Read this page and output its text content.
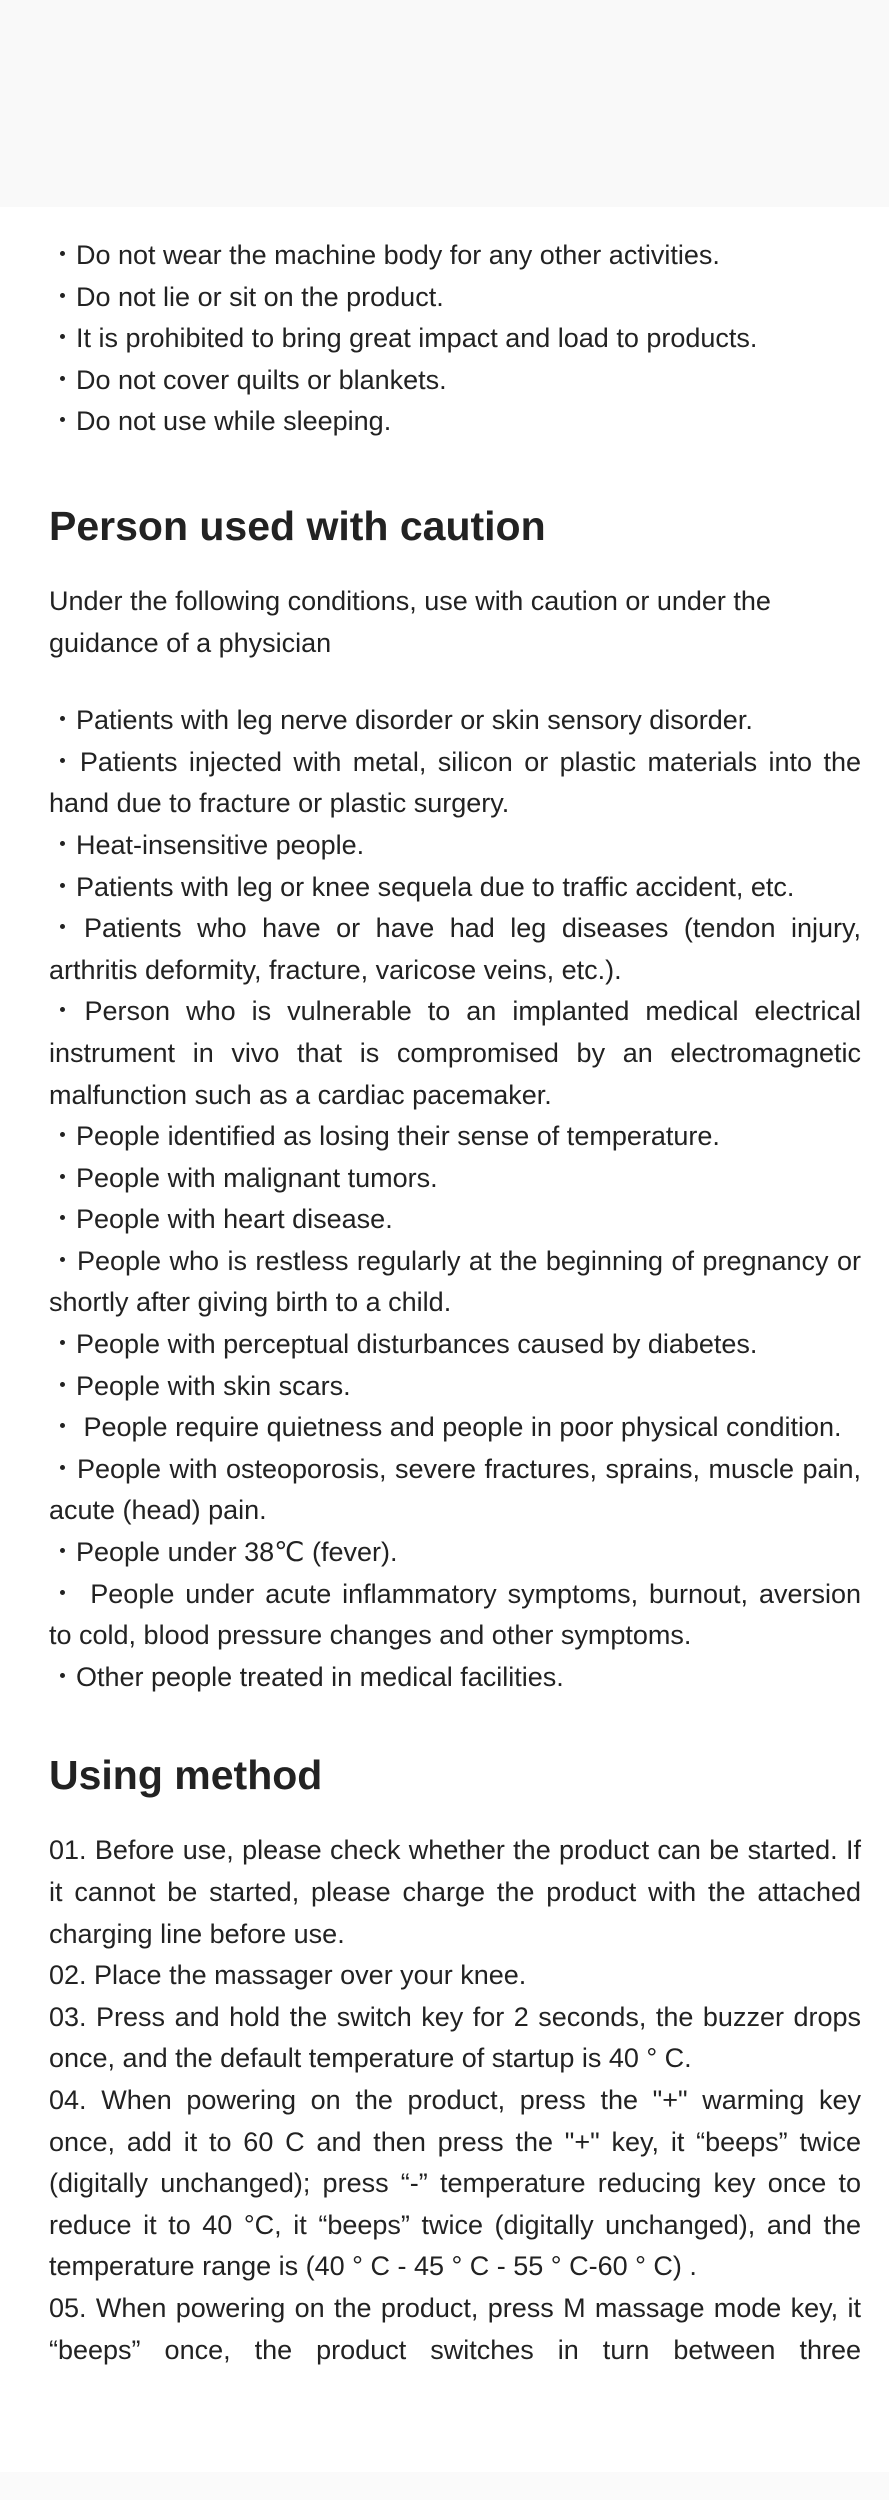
・Do not wear the machine body for any other activities.

・Do not lie or sit on the product.

・It is prohibited to bring great impact and load to products.

・Do not cover quilts or blankets.

・Do not use while sleeping.

Person used with caution

Under the following conditions, use with caution or under the guidance of a physician

・Patients with leg nerve disorder or skin sensory disorder.

・Patients injected with metal, silicon or plastic materials into the hand due to fracture or plastic surgery.

・Heat-insensitive people.

・Patients with leg or knee sequela due to traffic accident, etc.

・Patients who have or have had leg diseases (tendon injury, arthritis deformity, fracture, varicose veins, etc.).

・Person who is vulnerable to an implanted medical electrical instrument in vivo that is compromised by an electromagnetic malfunction such as a cardiac pacemaker.

・People identified as losing their sense of temperature.

・People with malignant tumors.

・People with heart disease.

・People who is restless regularly at the beginning of pregnancy or shortly after giving birth to a child.

・People with perceptual disturbances caused by diabetes.

・People with skin scars.

・ People require quietness and people in poor physical condition.

・People with osteoporosis, severe fractures, sprains, muscle pain, acute (head) pain.

・People under 38℃ (fever).

・ People under acute inflammatory symptoms, burnout, aversion to cold, blood pressure changes and other symptoms.

・Other people treated in medical facilities.

Using method

01. Before use, please check whether the product can be started. If it cannot be started, please charge the product with the attached charging line before use.

02. Place the massager over your knee.

03. Press and hold the switch key for 2 seconds, the buzzer drops once, and the default temperature of startup is 40 ° C.

04. When powering on the product, press the "+" warming key once, add it to 60 C and then press the "+" key, it “beeps” twice (digitally unchanged); press “-” temperature reducing key once to reduce it to 40 °C, it “beeps” twice (digitally unchanged), and the temperature range is (40 ° C - 45 ° C - 55 ° C-60 ° C) .

05. When powering on the product, press M massage mode key, it “beeps” once, the product switches in turn between three
